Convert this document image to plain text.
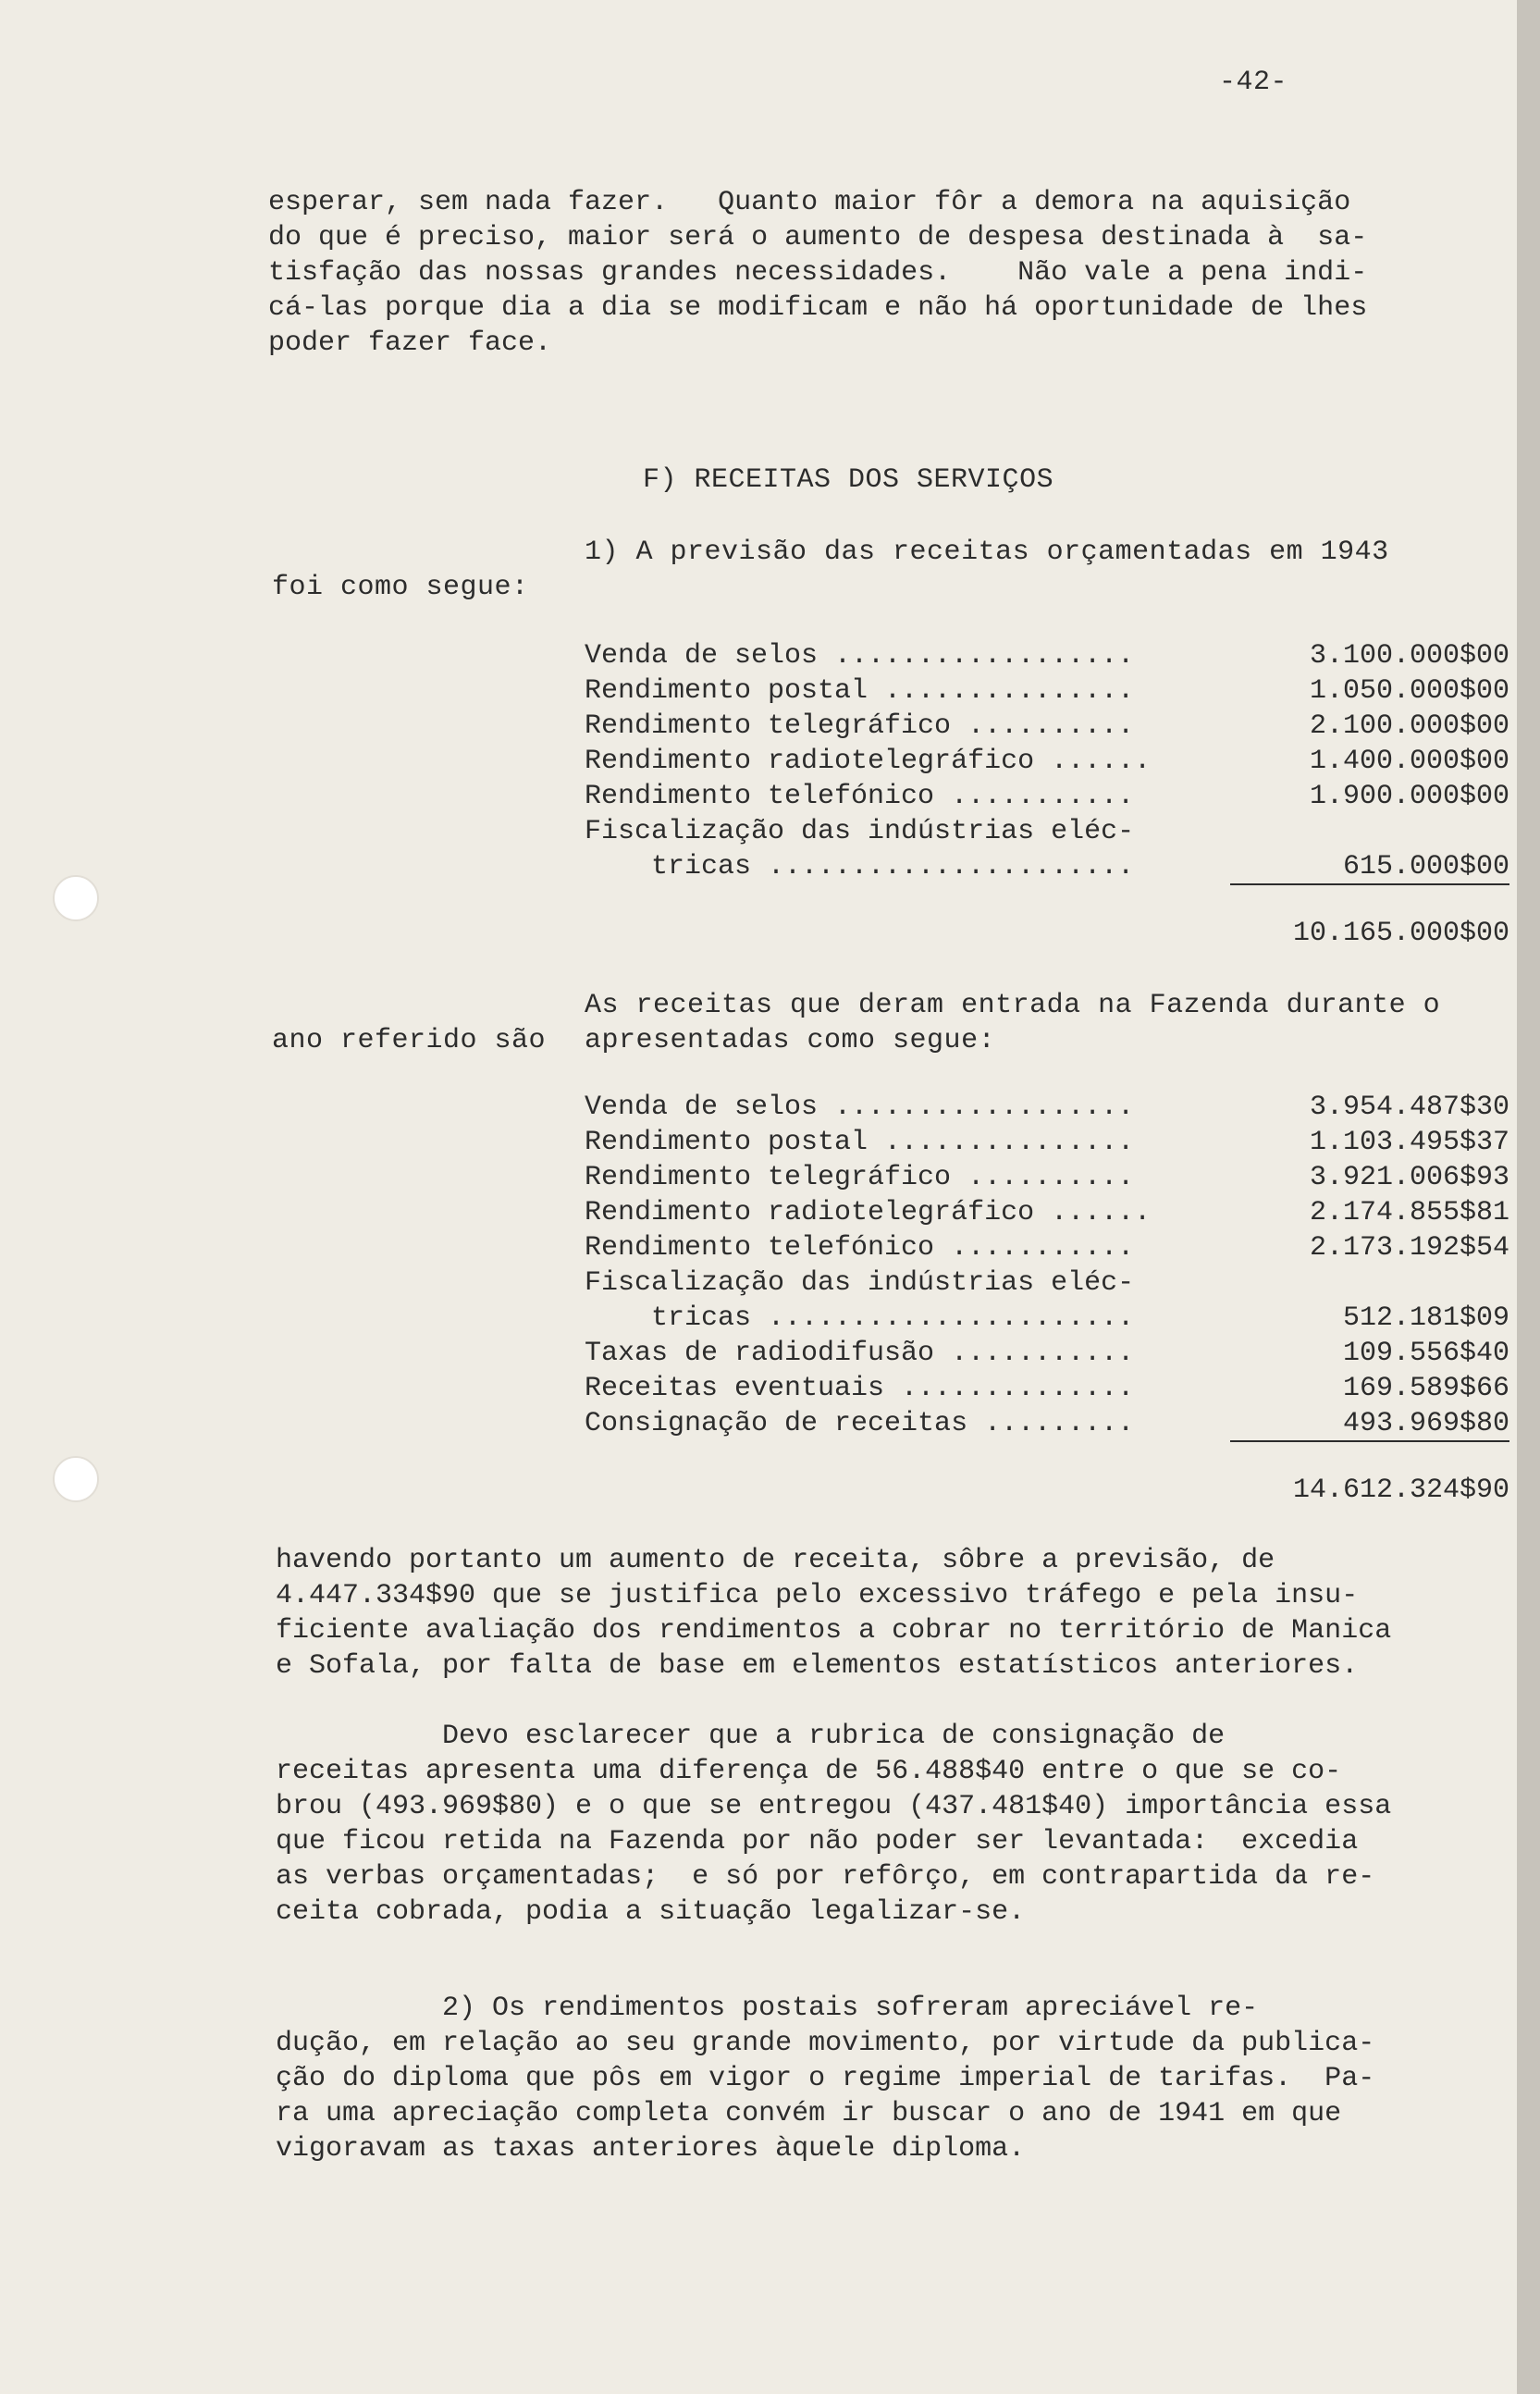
-42-
esperar, sem nada fazer.   Quanto maior fôr a demora na aquisição
do que é preciso, maior será o aumento de despesa destinada à  sa-
tisfação das nossas grandes necessidades.    Não vale a pena indi-
cá-las porque dia a dia se modificam e não há oportunidade de lhes
poder fazer face.
F) RECEITAS DOS SERVIÇOS
1) A previsão das receitas orçamentadas em 1943
foi como segue:
Venda de selos ..................	3.100.000$00
Rendimento postal ...............	1.050.000$00
Rendimento telegráfico ..........	2.100.000$00
Rendimento radiotelegráfico ......	1.400.000$00
Rendimento telefónico ...........	1.900.000$00
Fiscalização das indústrias eléc-
tricas ......................	615.000$00
10.165.000$00
As receitas que deram entrada na Fazenda durante o
ano referido são apresentadas como segue:
Venda de selos ..................	3.954.487$30
Rendimento postal ...............	1.103.495$37
Rendimento telegráfico ..........	3.921.006$93
Rendimento radiotelegráfico ......	2.174.855$81
Rendimento telefónico ...........	2.173.192$54
Fiscalização das indústrias eléc-
tricas ......................	512.181$09
Taxas de radiodifusão ...........	109.556$40
Receitas eventuais ..............	169.589$66
Consignação de receitas .........	493.969$80
14.612.324$90
havendo portanto um aumento de receita, sôbre a previsão, de
4.447.334$90 que se justifica pelo excessivo tráfego e pela insu-
ficiente avaliação dos rendimentos a cobrar no território de Manica
e Sofala, por falta de base em elementos estatísticos anteriores.
Devo esclarecer que a rubrica de consignação de
receitas apresenta uma diferença de 56.488$40 entre o que se co-
brou (493.969$80) e o que se entregou (437.481$40) importância essa
que ficou retida na Fazenda por não poder ser levantada:  excedia
as verbas orçamentadas;  e só por refôrço, em contrapartida da re-
ceita cobrada, podia a situação legalizar-se.
2) Os rendimentos postais sofreram apreciável re-
dução, em relação ao seu grande movimento, por virtude da publica-
ção do diploma que pôs em vigor o regime imperial de tarifas.  Pa-
ra uma apreciação completa convém ir buscar o ano de 1941 em que
vigoravam as taxas anteriores àquele diploma.
